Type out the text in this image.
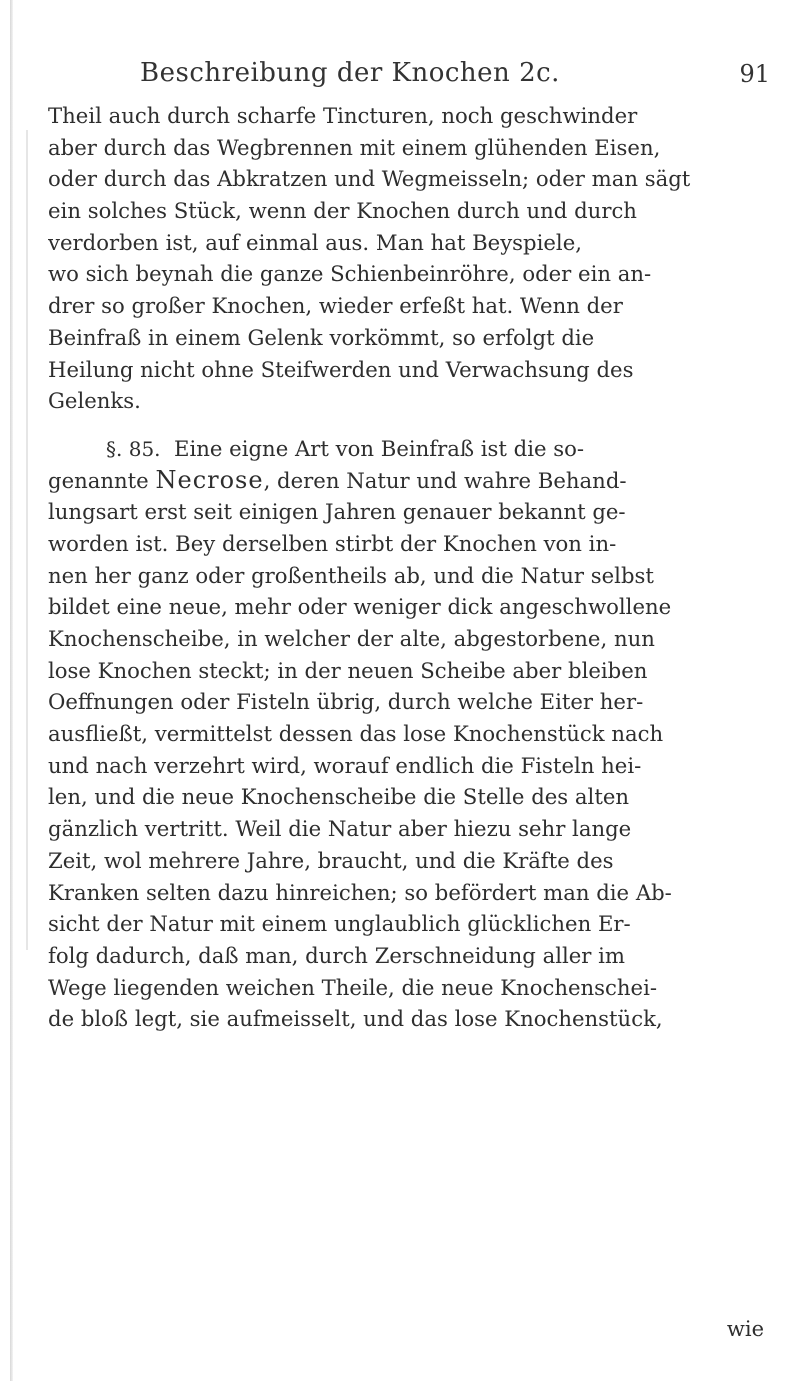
Beschreibung der Knochen 2c.	91
Theil auch durch scharfe Tincturen, noch geschwinder
aber durch das Wegbrennen mit einem glühenden Eisen,
oder durch das Abkratzen und Wegmeisseln; oder man sägt
ein solches Stück, wenn der Knochen durch und durch
verdorben ist, auf einmal aus. Man hat Beyspiele,
wo sich beynah die ganze Schienbeinröhre, oder ein an-
drer so großer Knochen, wieder erfeßt hat. Wenn der
Beinfraß in einem Gelenk vorkömmt, so erfolgt die
Heilung nicht ohne Steifwerden und Verwachsung des
Gelenks.
§. 85. Eine eigne Art von Beinfraß ist die so-
genannte Necrose, deren Natur und wahre Behand-
lungsart erst seit einigen Jahren genauer bekannt ge-
worden ist. Bey derselben stirbt der Knochen von in-
nen her ganz oder großentheils ab, und die Natur selbst
bildet eine neue, mehr oder weniger dick angeschwollene
Knochenscheibe, in welcher der alte, abgestorbene, nun
lose Knochen steckt; in der neuen Scheibe aber bleiben
Oeffnungen oder Fisteln übrig, durch welche Eiter her-
ausfließt, vermittelst dessen das lose Knochenstück nach
und nach verzehrt wird, worauf endlich die Fisteln hei-
len, und die neue Knochenscheibe die Stelle des alten
gänzlich vertritt. Weil die Natur aber hiezu sehr lange
Zeit, wol mehrere Jahre, braucht, und die Kräfte des
Kranken selten dazu hinreichen; so befördert man die Ab-
sicht der Natur mit einem unglaublich glücklichen Er-
folg dadurch, daß man, durch Zerschneidung aller im
Wege liegenden weichen Theile, die neue Knochenschei-
de bloß legt, sie aufmeisselt, und das lose Knochenstück,
wie
